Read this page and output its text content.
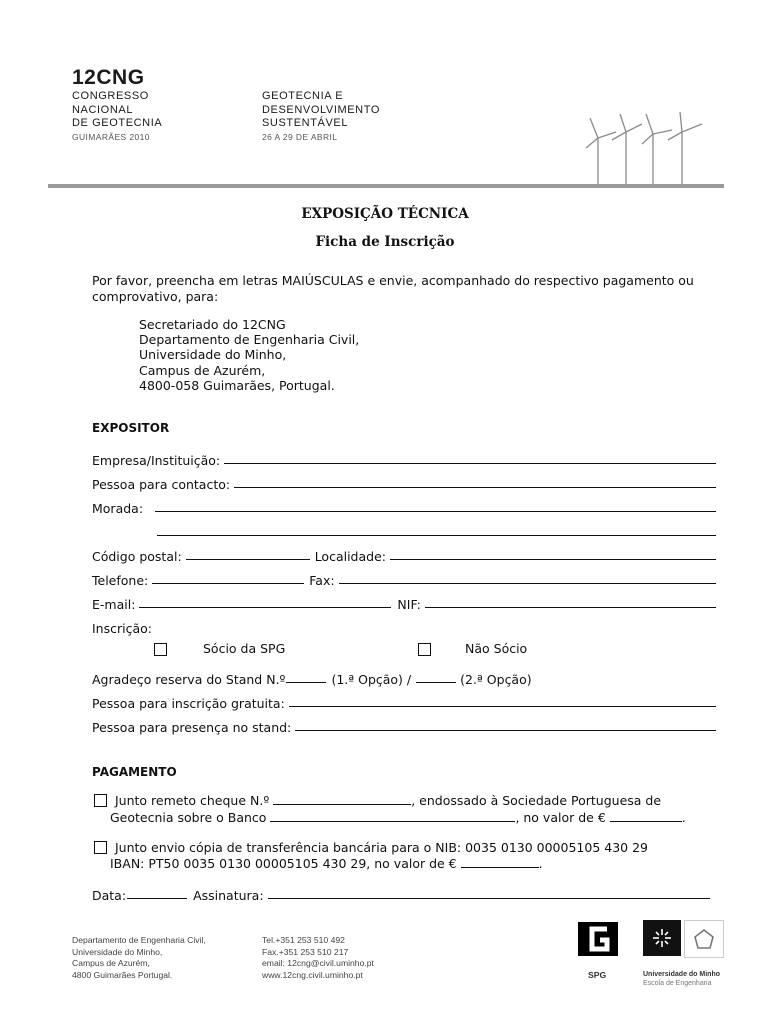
12CNG
CONGRESSO
NACIONAL
DE GEOTECNIA
GUIMARÃES 2010
GEOTECNIA E
DESENVOLVIMENTO
SUSTENTÁVEL
26 A 29 DE ABRIL
EXPOSIÇÃO TÉCNICA
Ficha de Inscrição
Por favor, preencha em letras MAIÚSCULAS e envie, acompanhado do respectivo pagamento ou comprovativo, para:
Secretariado do 12CNG
Departamento de Engenharia Civil,
Universidade do Minho,
Campus de Azurém,
4800-058 Guimarães, Portugal.
EXPOSITOR
Empresa/Instituição:
Pessoa para contacto:
Morada:
Código postal:	Localidade:
Telefone:	Fax:
E-mail:	NIF:
Inscrição:
Sócio da SPG	Não Sócio
Agradeço reserva do Stand N.º	(1.ª Opção) /	(2.ª Opção)
Pessoa para inscrição gratuita:
Pessoa para presença no stand:
PAGAMENTO
Junto remeto cheque N.º	, endossado à Sociedade Portuguesa de
Geotecnia sobre o Banco	, no valor de €	.
Junto envio cópia de transferência bancária para o NIB: 0035 0130 00005105 430 29
IBAN: PT50 0035 0130 00005105 430 29, no valor de €	.
Data:	Assinatura:
Departamento de Engenharia Civil,
Universidade do Minho,
Campus de Azurém,
4800 Guimarães Portugal.
Tel.+351 253 510 492
Fax.+351 253 510 217
email: 12cng@civil.uminho.pt
www.12cng.civil.uminho.pt	SPG	Universidade do Minho
Escola de Engenharia
